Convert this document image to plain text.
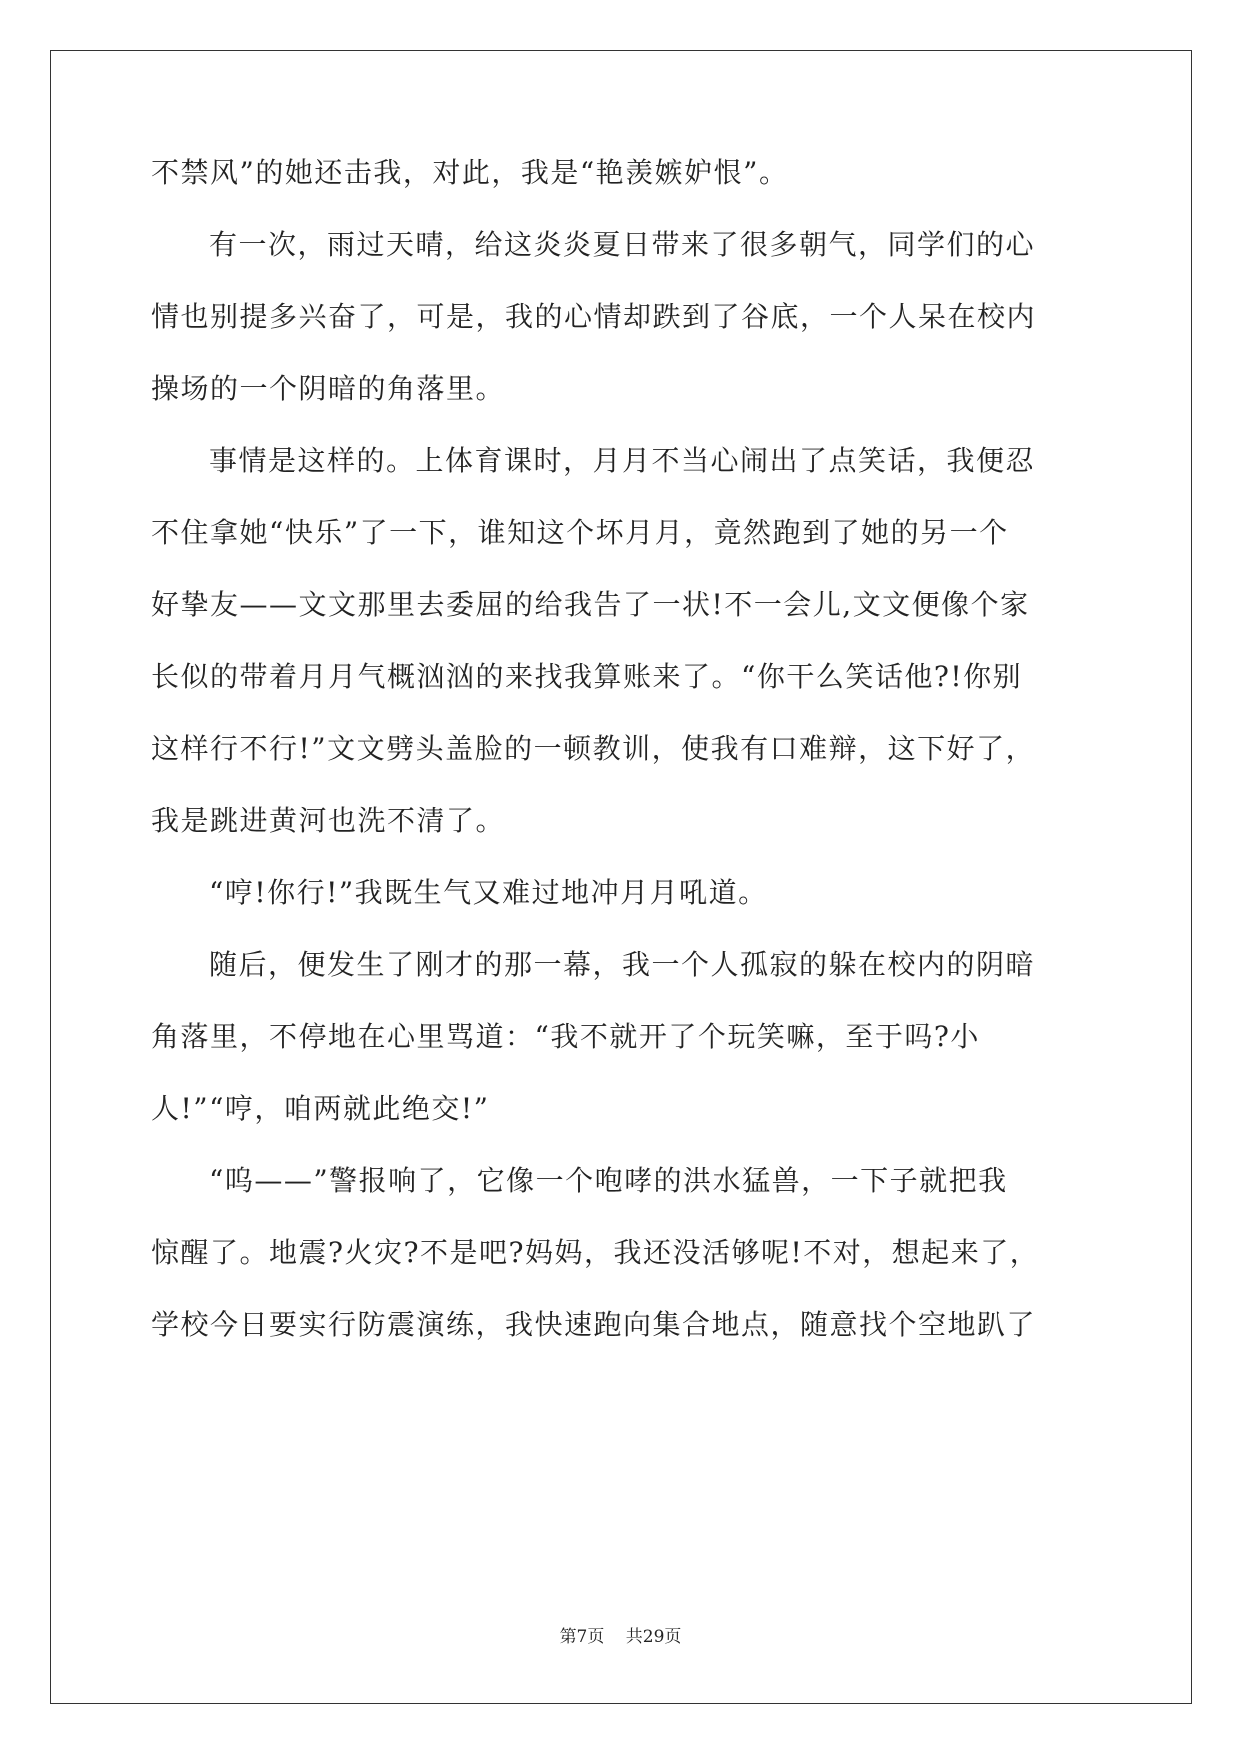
不禁风”的她还击我，对此，我是“艳羡嫉妒恨”。
有一次，雨过天晴，给这炎炎夏日带来了很多朝气，同学们的心
情也别提多兴奋了，可是，我的心情却跌到了谷底，一个人呆在校内
操场的一个阴暗的角落里。
事情是这样的。上体育课时，月月不当心闹出了点笑话，我便忍
不住拿她“快乐”了一下，谁知这个坏月月，竟然跑到了她的另一个
好挚友——文文那里去委屈的给我告了一状!不一会儿,文文便像个家
长似的带着月月气概汹汹的来找我算账来了。“你干么笑话他?!你别
这样行不行!”文文劈头盖脸的一顿教训，使我有口难辩，这下好了，
我是跳进黄河也洗不清了。
“哼!你行!”我既生气又难过地冲月月吼道。
随后，便发生了刚才的那一幕，我一个人孤寂的躲在校内的阴暗
角落里，不停地在心里骂道：“我不就开了个玩笑嘛，至于吗?小
人!”“哼，咱两就此绝交!”
“呜——”警报响了，它像一个咆哮的洪水猛兽，一下子就把我
惊醒了。地震?火灾?不是吧?妈妈，我还没活够呢!不对，想起来了，
学校今日要实行防震演练，我快速跑向集合地点，随意找个空地趴了
第7页 共29页
